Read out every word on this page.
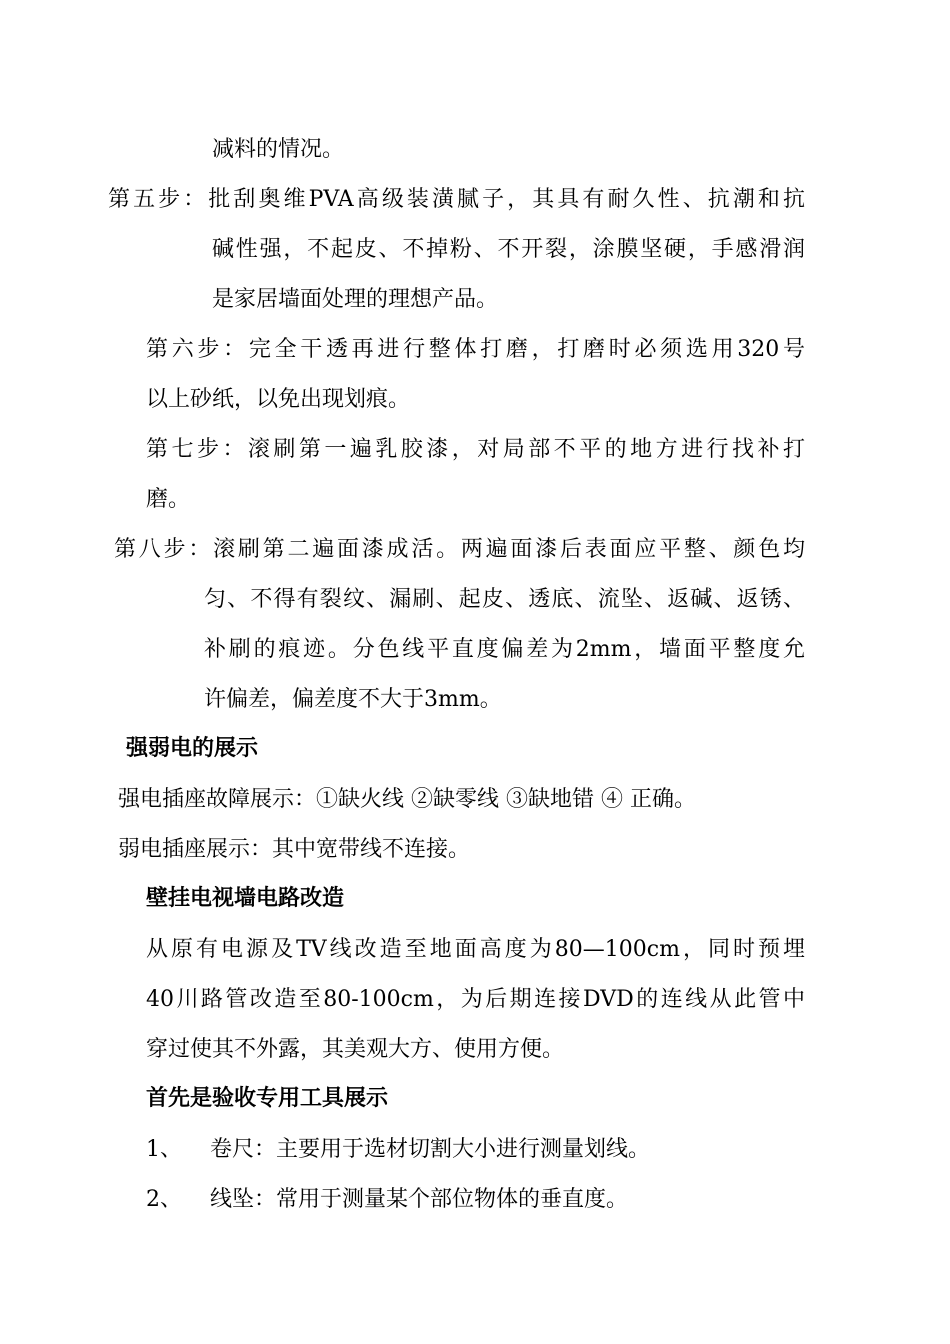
减料的情况。
第五步：批刮奥维PVA高级装潢腻子，其具有耐久性、抗潮和抗
碱性强，不起皮、不掉粉、不开裂，涂膜坚硬，手感滑润
是家居墙面处理的理想产品。
第六步：完全干透再进行整体打磨，打磨时必须选用320号
以上砂纸，以免出现划痕。
第七步：滚刷第一遍乳胶漆，对局部不平的地方进行找补打
磨。
第八步：滚刷第二遍面漆成活。两遍面漆后表面应平整、颜色均
匀、不得有裂纹、漏刷、起皮、透底、流坠、返碱、返锈、
补刷的痕迹。分色线平直度偏差为2mm，墙面平整度允
许偏差，偏差度不大于3mm。
强弱电的展示
强电插座故障展示：①缺火线 ②缺零线 ③缺地错 ④ 正确。
弱电插座展示：其中宽带线不连接。
壁挂电视墙电路改造
从原有电源及TV线改造至地面高度为80—100cm，同时预埋
40川路管改造至80-100cm，为后期连接DVD的连线从此管中
穿过使其不外露，其美观大方、使用方便。
首先是验收专用工具展示
1、    卷尺：主要用于选材切割大小进行测量划线。
2、    线坠：常用于测量某个部位物体的垂直度。
